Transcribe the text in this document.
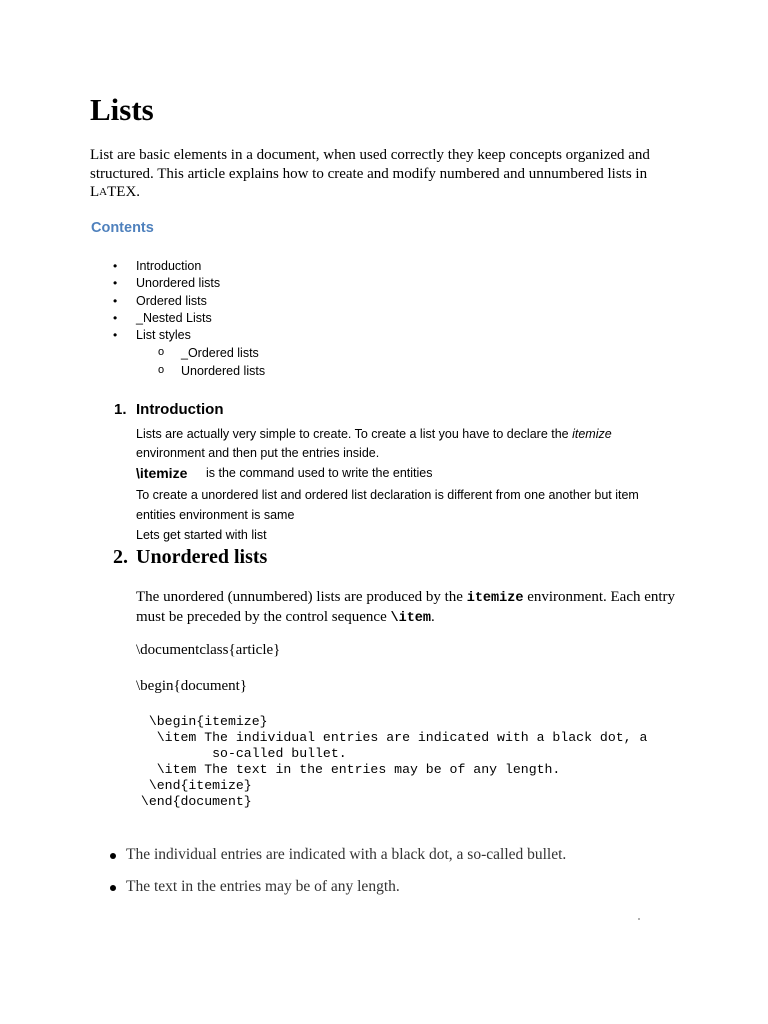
Lists
List are basic elements in a document, when used correctly they keep concepts organized and
structured. This article explains how to create and modify numbered and unnumbered lists in
LATEX.
Contents
• Introduction
• Unordered lists
• Ordered lists
• _Nested Lists
• List styles
o _Ordered lists
o Unordered lists
1. Introduction
Lists are actually very simple to create. To create a list you have to declare the itemize
environment and then put the entries inside.
\itemize is the command used to write the entities
To create a unordered list and ordered list declaration is different from one another but item
entities environment is same
Lets get started with list
2. Unordered lists
The unordered (unnumbered) lists are produced by the itemize environment. Each entry
must be preceded by the control sequence \item.
\documentclass{article}
\begin{document}
\begin{itemize}
\item The individual entries are indicated with a black dot, a
so-called bullet.
\item The text in the entries may be of any length.
\end{itemize}
\end{document}
The individual entries are indicated with a black dot, a so-called bullet.
The text in the entries may be of any length.
